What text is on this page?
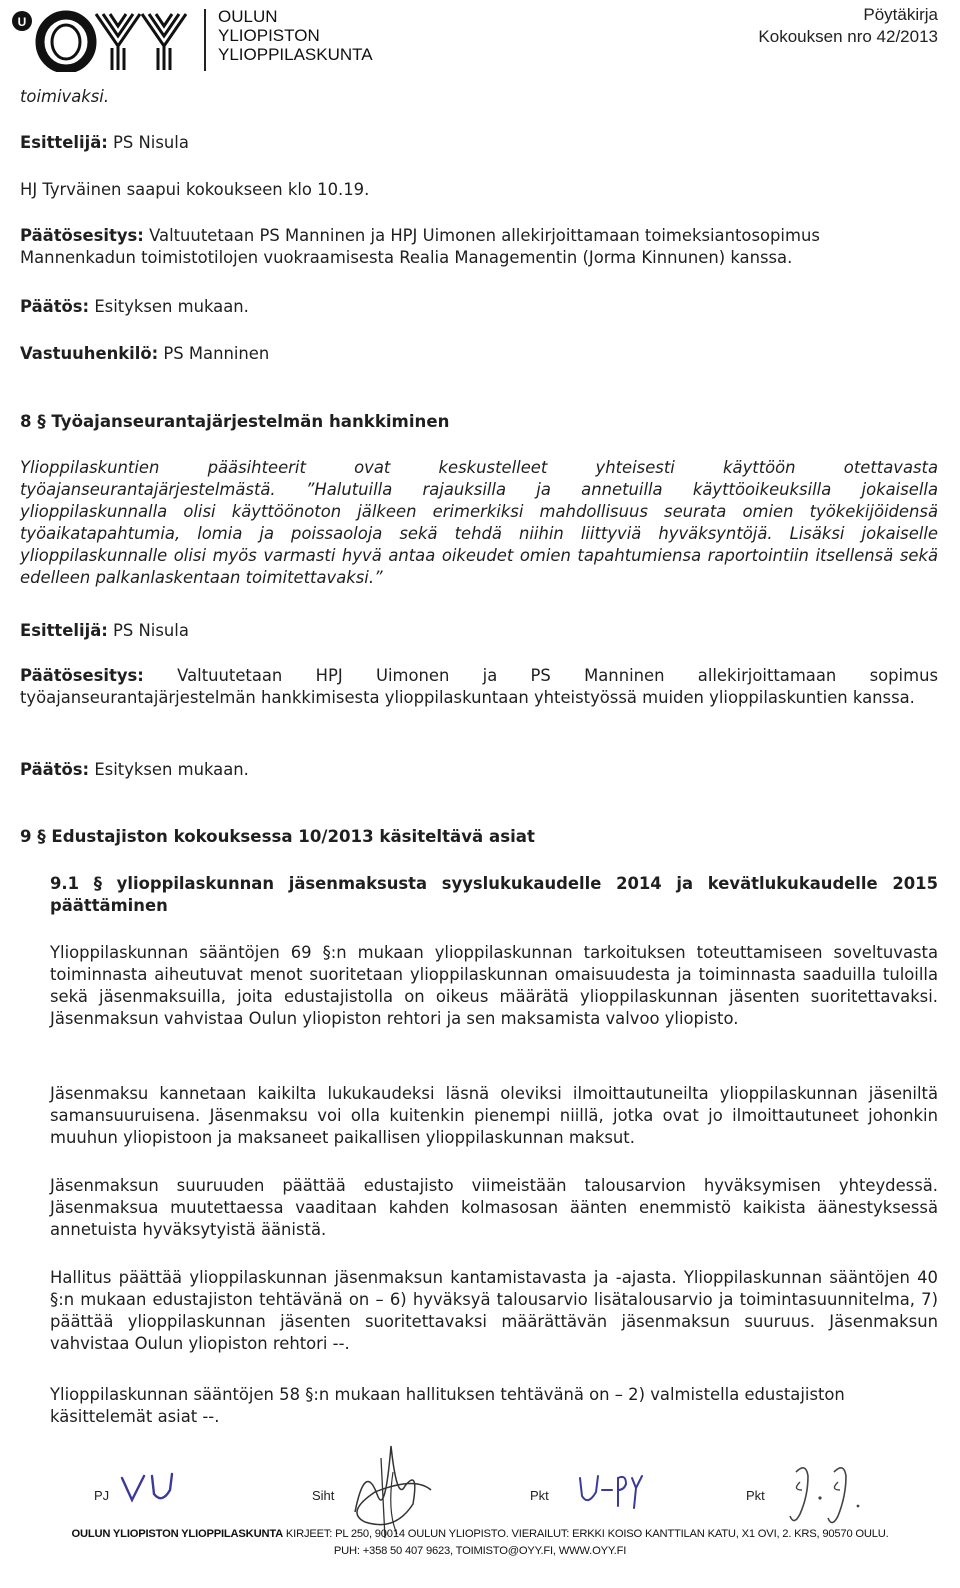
U	OULUN
YLIOPISTON
YLIOPPILASKUNTA
Pöytäkirja
Kokouksen nro 42/2013

toimivaksi.

Esittelijä: PS Nisula

HJ Tyrväinen saapui kokoukseen klo 10.19.

Päätösesitys: Valtuutetaan PS Manninen ja HPJ Uimonen allekirjoittamaan toimeksiantosopimus Mannenkadun toimistotilojen vuokraamisesta Realia Managementin (Jorma Kinnunen) kanssa.

Päätös: Esityksen mukaan.

Vastuuhenkilö: PS Manninen

8 § Työajanseurantajärjestelmän hankkiminen

Ylioppilaskuntien pääsihteerit ovat keskustelleet yhteisesti käyttöön otettavasta työajanseurantajärjestelmästä. ”Halutuilla rajauksilla ja annetuilla käyttöoikeuksilla jokaisella ylioppilaskunnalla olisi käyttöönoton jälkeen erimerkiksi mahdollisuus seurata omien työkekijöidensä työaikatapahtumia, lomia ja poissaoloja sekä tehdä niihin liittyviä hyväksyntöjä. Lisäksi jokaiselle ylioppilaskunnalle olisi myös varmasti hyvä antaa oikeudet omien tapahtumiensa raportointiin itsellensä sekä edelleen palkanlaskentaan toimitettavaksi.”

Esittelijä: PS Nisula

Päätösesitys: Valtuutetaan HPJ Uimonen ja PS Manninen allekirjoittamaan sopimus työajanseurantajärjestelmän hankkimisesta ylioppilaskuntaan yhteistyössä muiden ylioppilaskuntien kanssa.

Päätös: Esityksen mukaan.

9 § Edustajiston kokouksessa 10/2013 käsiteltävä asiat

9.1 § ylioppilaskunnan jäsenmaksusta syyslukukaudelle 2014 ja kevätlukukaudelle 2015 päättäminen

Ylioppilaskunnan sääntöjen 69 §:n mukaan ylioppilaskunnan tarkoituksen toteuttamiseen soveltuvasta toiminnasta aiheutuvat menot suoritetaan ylioppilaskunnan omaisuudesta ja toiminnasta saaduilla tuloilla sekä jäsenmaksuilla, joita edustajistolla on oikeus määrätä ylioppilaskunnan jäsenten suoritettavaksi. Jäsenmaksun vahvistaa Oulun yliopiston rehtori ja sen maksamista valvoo yliopisto.

Jäsenmaksu kannetaan kaikilta lukukaudeksi läsnä oleviksi ilmoittautuneilta ylioppilaskunnan jäseniltä samansuuruisena. Jäsenmaksu voi olla kuitenkin pienempi niillä, jotka ovat jo ilmoittautuneet johonkin muuhun yliopistoon ja maksaneet paikallisen ylioppilaskunnan maksut.

Jäsenmaksun suuruuden päättää edustajisto viimeistään talousarvion hyväksymisen yhteydessä. Jäsenmaksua muutettaessa vaaditaan kahden kolmasosan äänten enemmistö kaikista äänestyksessä annetuista hyväksytyistä äänistä.

Hallitus päättää ylioppilaskunnan jäsenmaksun kantamistavasta ja -ajasta. Ylioppilaskunnan sääntöjen 40 §:n mukaan edustajiston tehtävänä on – 6) hyväksyä talousarvio lisätalousarvio ja toimintasuunnitelma, 7) päättää ylioppilaskunnan jäsenten suoritettavaksi määrättävän jäsenmaksun suuruus. Jäsenmaksun vahvistaa Oulun yliopiston rehtori --.

Ylioppilaskunnan sääntöjen 58 §:n mukaan hallituksen tehtävänä on – 2) valmistella edustajiston käsittelemät asiat --.

PJ	Siht	Pkt	Pkt
OULUN YLIOPISTON YLIOPPILASKUNTA KIRJEET: PL 250, 90014 OULUN YLIOPISTO. VIERAILUT: ERKKI KOISO KANTTILAN KATU, X1 OVI, 2. KRS, 90570 OULU.
PUH: +358 50 407 9623, TOIMISTO@OYY.FI, WWW.OYY.FI
